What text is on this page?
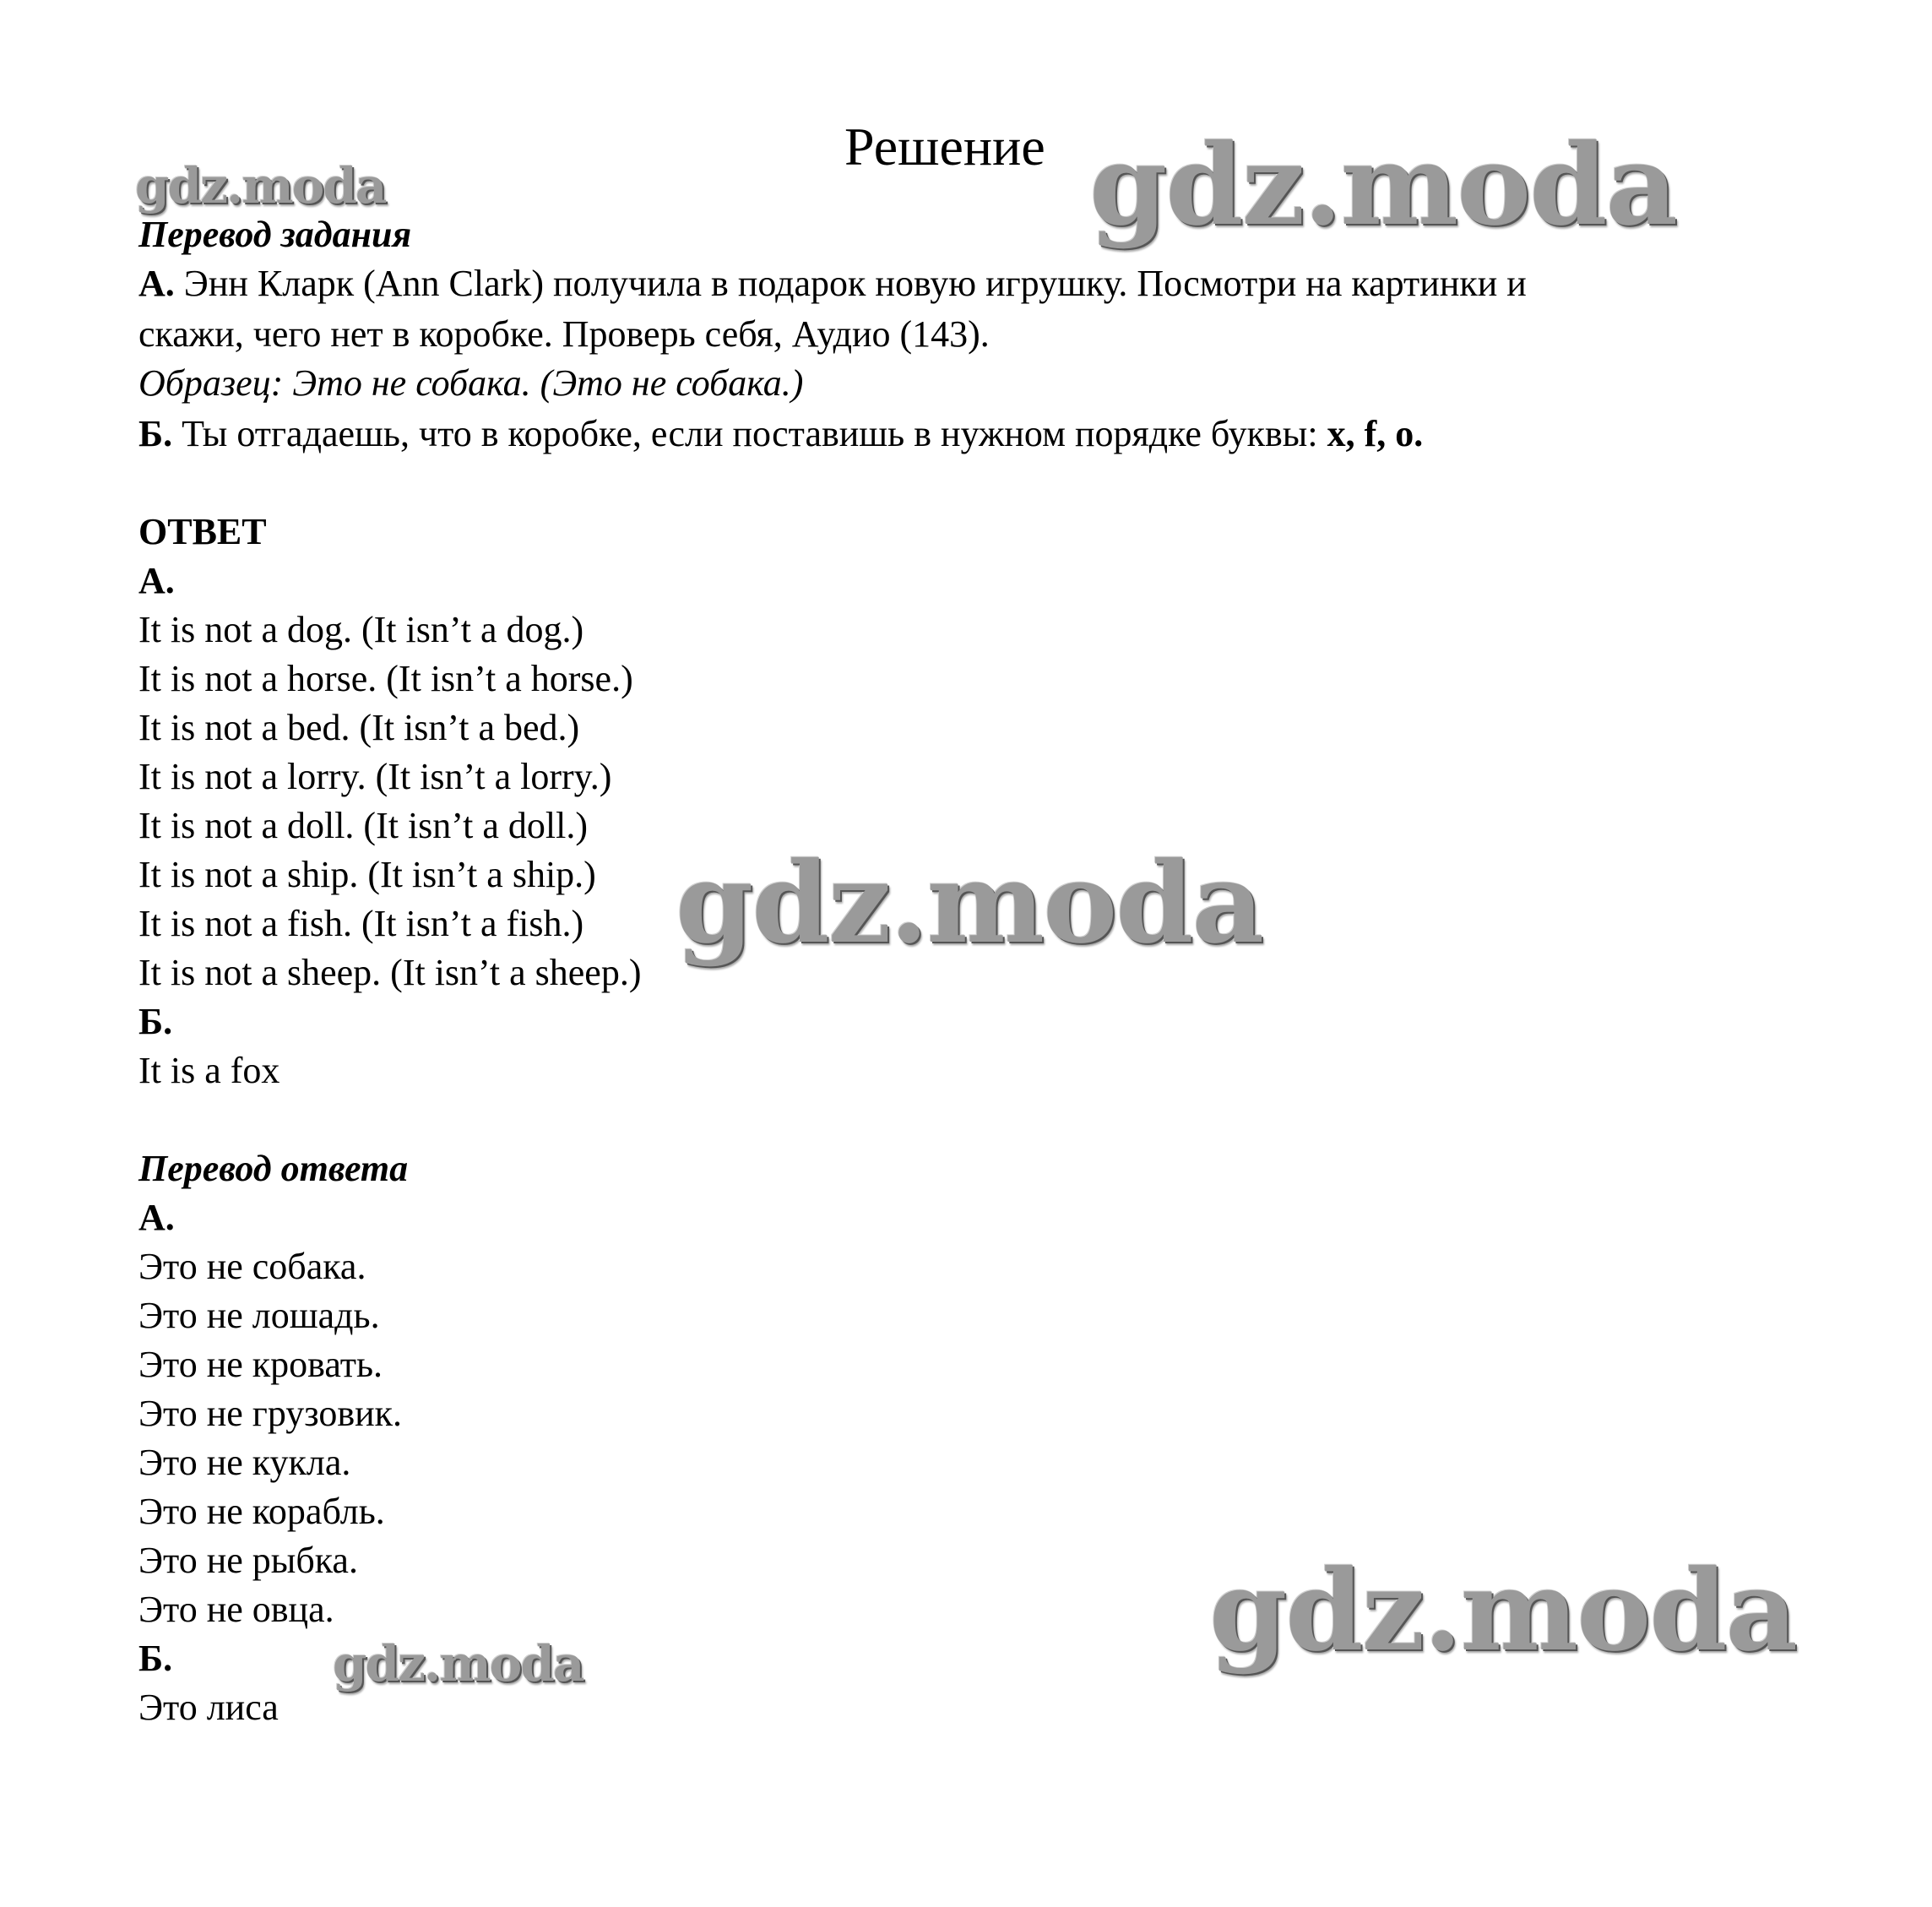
Решение
Перевод задания
А. Энн Кларк (Ann Clark) получила в подарок новую игрушку. Посмотри на картинки и
скажи, чего нет в коробке. Проверь себя, Аудио (143).
Образец: Это не собака. (Это не собака.)
Б. Ты отгадаешь, что в коробке, если поставишь в нужном порядке буквы: x, f, o.
ОТВЕТ
А.
It is not a dog. (It isn’t a dog.)
It is not a horse. (It isn’t a horse.)
It is not a bed. (It isn’t a bed.)
It is not a lorry. (It isn’t a lorry.)
It is not a doll. (It isn’t a doll.)
It is not a ship. (It isn’t a ship.)
It is not a fish. (It isn’t a fish.)
It is not a sheep. (It isn’t a sheep.)
Б.
It is a fox
Перевод ответа
А.
Это не собака.
Это не лошадь.
Это не кровать.
Это не грузовик.
Это не кукла.
Это не корабль.
Это не рыбка.
Это не овца.
Б.
Это лиса
gdz.moda	gdz.moda
gdz.moda
gdz.moda
gdz.moda
